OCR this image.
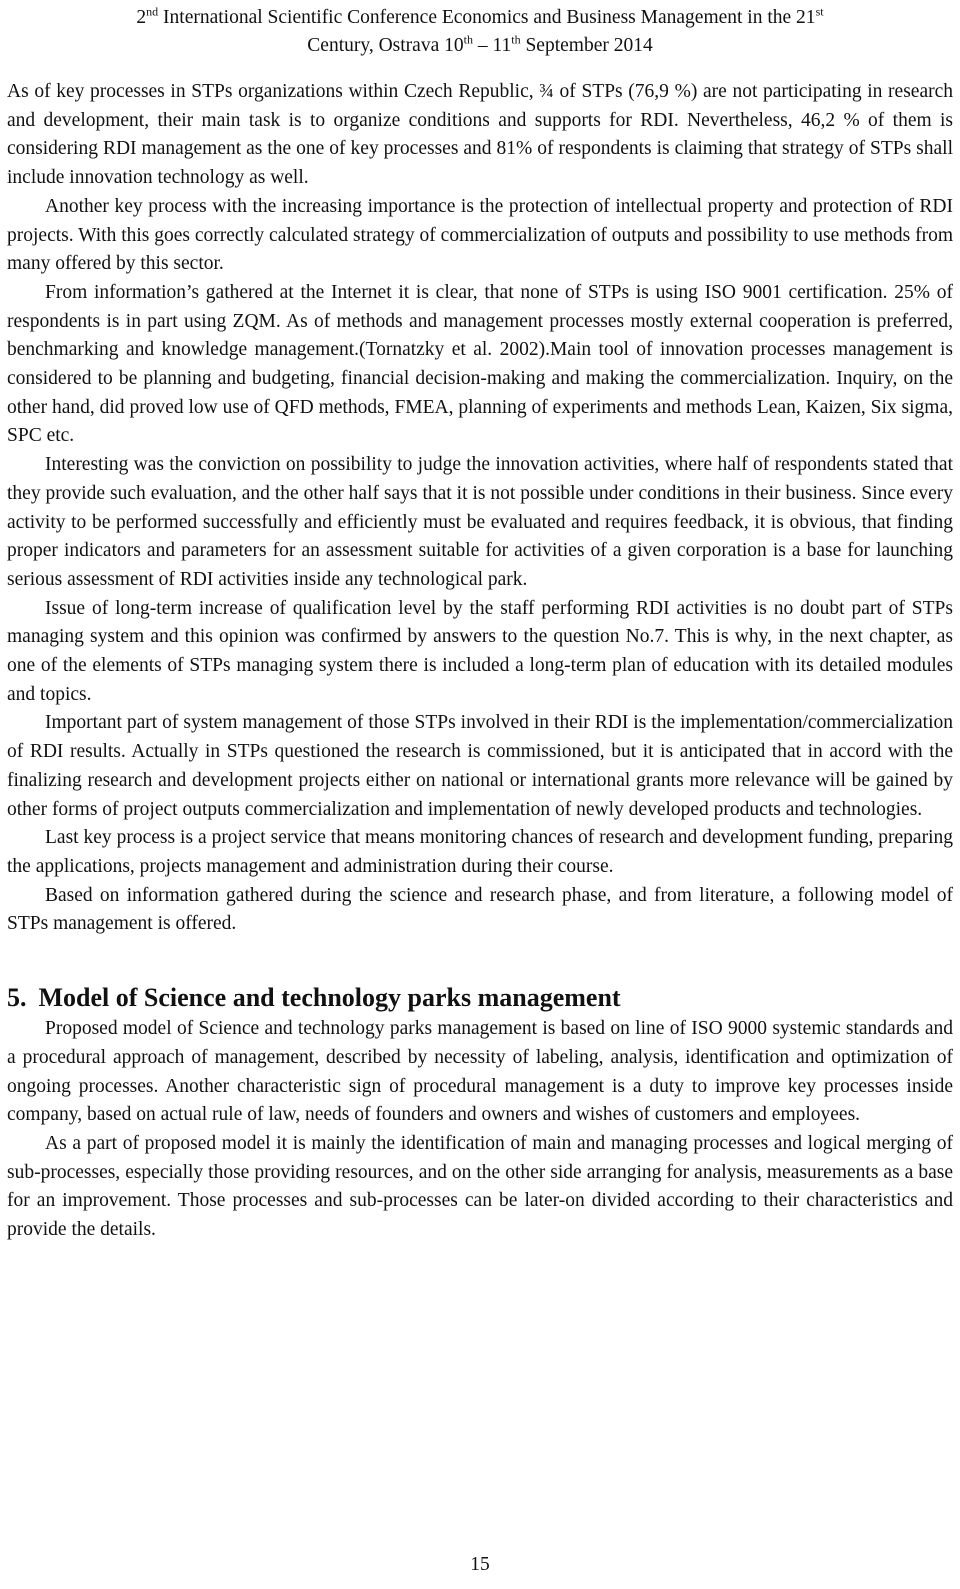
2nd International Scientific Conference Economics and Business Management in the 21st
Century, Ostrava 10th – 11th September 2014

As of key processes in STPs organizations within Czech Republic, ¾ of STPs (76,9 %) are not participating in research and development, their main task is to organize conditions and supports for RDI. Nevertheless, 46,2 % of them is considering RDI management as the one of key processes and 81% of respondents is claiming that strategy of STPs shall include innovation technology as well.

Another key process with the increasing importance is the protection of intellectual property and protection of RDI projects. With this goes correctly calculated strategy of commercialization of outputs and possibility to use methods from many offered by this sector.

From information’s gathered at the Internet it is clear, that none of STPs is using ISO 9001 certification. 25% of respondents is in part using ZQM. As of methods and management processes mostly external cooperation is preferred, benchmarking and knowledge management.(Tornatzky et al. 2002).Main tool of innovation processes management is considered to be planning and budgeting, financial decision-making and making the commercialization. Inquiry, on the other hand, did proved low use of QFD methods, FMEA, planning of experiments and methods Lean, Kaizen, Six sigma, SPC etc.

Interesting was the conviction on possibility to judge the innovation activities, where half of respondents stated that they provide such evaluation, and the other half says that it is not possible under conditions in their business. Since every activity to be performed successfully and efficiently must be evaluated and requires feedback, it is obvious, that finding proper indicators and parameters for an assessment suitable for activities of a given corporation is a base for launching serious assessment of RDI activities inside any technological park.

Issue of long-term increase of qualification level by the staff performing RDI activities is no doubt part of STPs managing system and this opinion was confirmed by answers to the question No.7. This is why, in the next chapter, as one of the elements of STPs managing system there is included a long-term plan of education with its detailed modules and topics.

Important part of system management of those STPs involved in their RDI is the implementation/commercialization of RDI results. Actually in STPs questioned the research is commissioned, but it is anticipated that in accord with the finalizing research and development projects either on national or international grants more relevance will be gained by other forms of project outputs commercialization and implementation of newly developed products and technologies.

Last key process is a project service that means monitoring chances of research and development funding, preparing the applications, projects management and administration during their course.

Based on information gathered during the science and research phase, and from literature, a following model of STPs management is offered.

5. Model of Science and technology parks management

Proposed model of Science and technology parks management is based on line of ISO 9000 systemic standards and a procedural approach of management, described by necessity of labeling, analysis, identification and optimization of ongoing processes. Another characteristic sign of procedural management is a duty to improve key processes inside company, based on actual rule of law, needs of founders and owners and wishes of customers and employees.

As a part of proposed model it is mainly the identification of main and managing processes and logical merging of sub-processes, especially those providing resources, and on the other side arranging for analysis, measurements as a base for an improvement. Those processes and sub-processes can be later-on divided according to their characteristics and provide the details.

15
